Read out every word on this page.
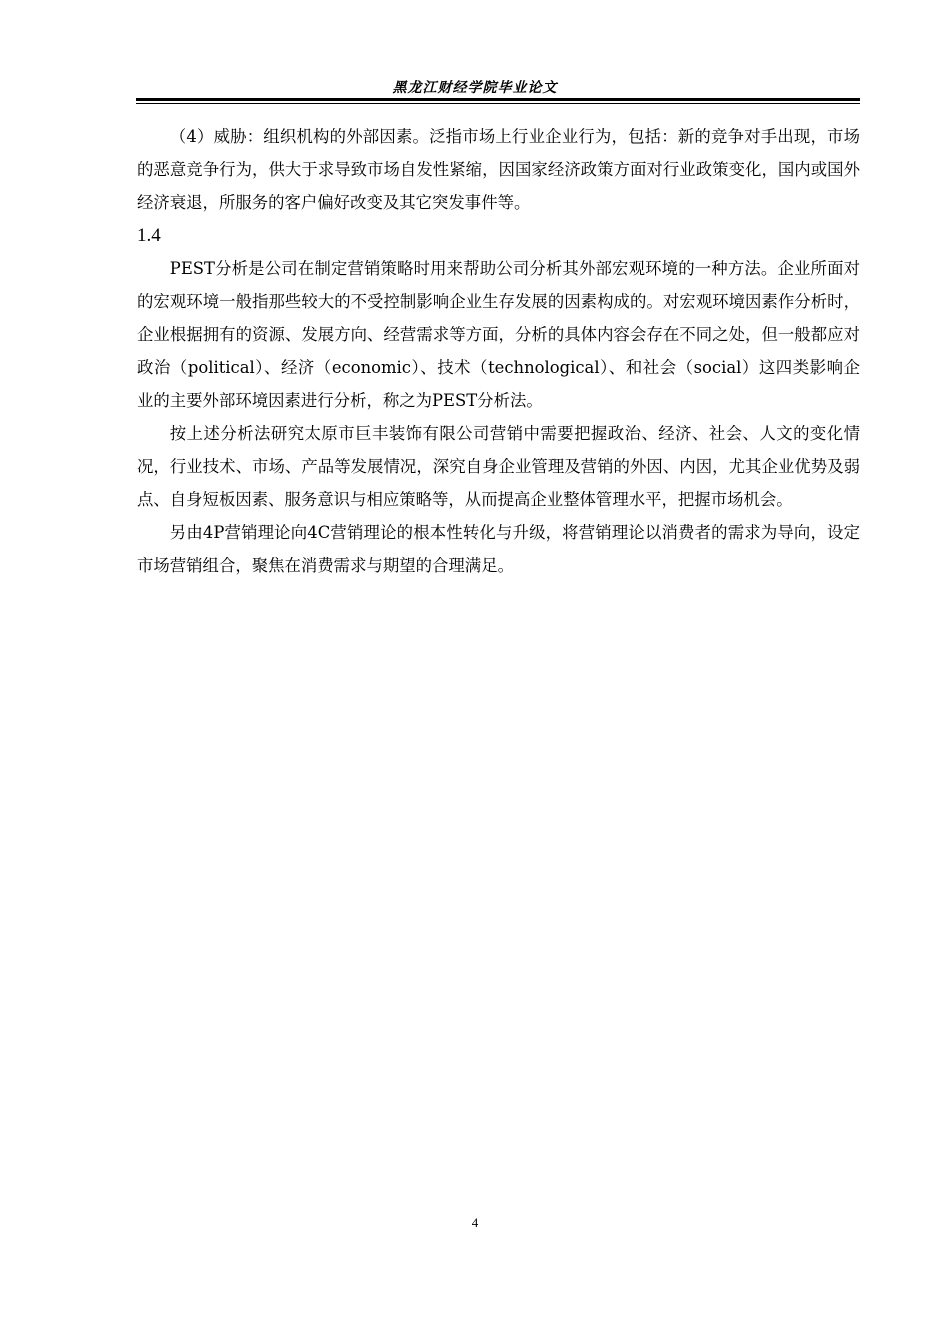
黑龙江财经学院毕业论文

（4）威胁：组织机构的外部因素。泛指市场上行业企业行为，包括：新的竞争对手出现，市场的恶意竞争行为，供大于求导致市场自发性紧缩，因国家经济政策方面对行业政策变化，国内或国外经济衰退，所服务的客户偏好改变及其它突发事件等。

1.4

PEST分析是公司在制定营销策略时用来帮助公司分析其外部宏观环境的一种方法。企业所面对的宏观环境一般指那些较大的不受控制影响企业生存发展的因素构成的。对宏观环境因素作分析时，企业根据拥有的资源、发展方向、经营需求等方面，分析的具体内容会存在不同之处，但一般都应对政治（political）、经济（economic）、技术（technological）、和社会（social）这四类影响企业的主要外部环境因素进行分析，称之为PEST分析法。

按上述分析法研究太原市巨丰装饰有限公司营销中需要把握政治、经济、社会、人文的变化情况，行业技术、市场、产品等发展情况，深究自身企业管理及营销的外因、内因，尤其企业优势及弱点、自身短板因素、服务意识与相应策略等，从而提高企业整体管理水平，把握市场机会。

另由4P营销理论向4C营销理论的根本性转化与升级，将营销理论以消费者的需求为导向，设定市场营销组合，聚焦在消费需求与期望的合理满足。

4
